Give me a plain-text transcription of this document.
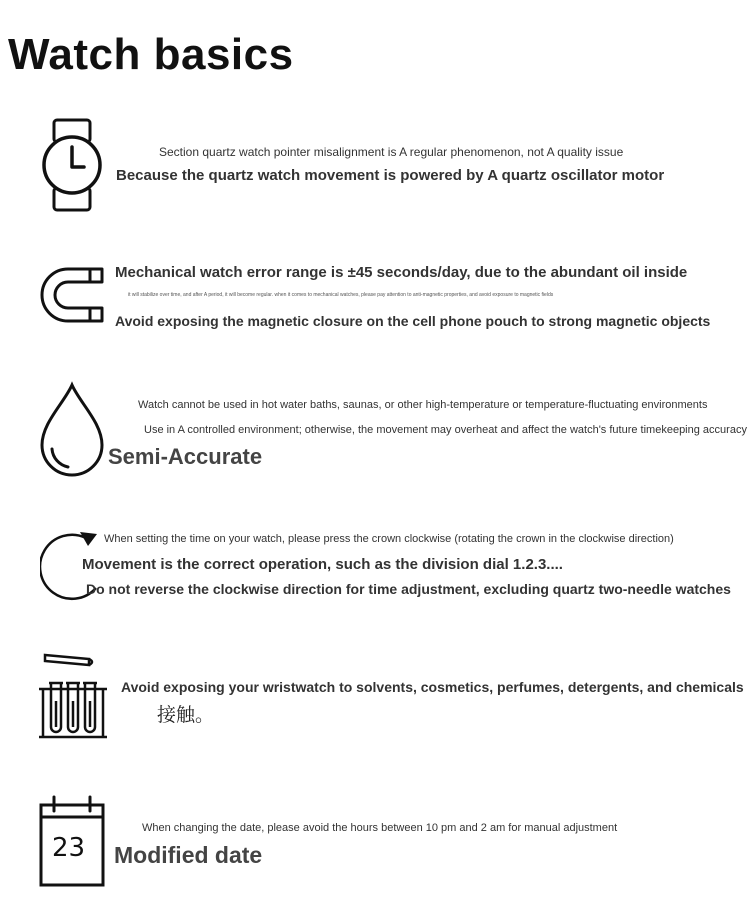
Watch basics
Section quartz watch pointer misalignment is A regular phenomenon, not A quality issue
Because the quartz watch movement is powered by A quartz oscillator motor
Mechanical watch error range is ±45 seconds/day, due to the abundant oil inside
it will stabilize over time, and after A period, it will become regular. when it comes to mechanical watches, please pay attention to anti-magnetic properties, and avoid exposure to magnetic fields
Avoid exposing the magnetic closure on the cell phone pouch to strong magnetic objects
Watch cannot be used in hot water baths, saunas, or other high-temperature or temperature-fluctuating environments
Use in A controlled environment; otherwise, the movement may overheat and affect the watch's future timekeeping accuracy
Semi-Accurate
When setting the time on your watch, please press the crown clockwise (rotating the crown in the clockwise direction)
Movement is the correct operation, such as the division dial 1.2.3....
Do not reverse the clockwise direction for time adjustment, excluding quartz two-needle watches
Avoid exposing your wristwatch to solvents, cosmetics, perfumes, detergents, and chemicals
接触。
23
When changing the date, please avoid the hours between 10 pm and 2 am for manual adjustment
Modified date
